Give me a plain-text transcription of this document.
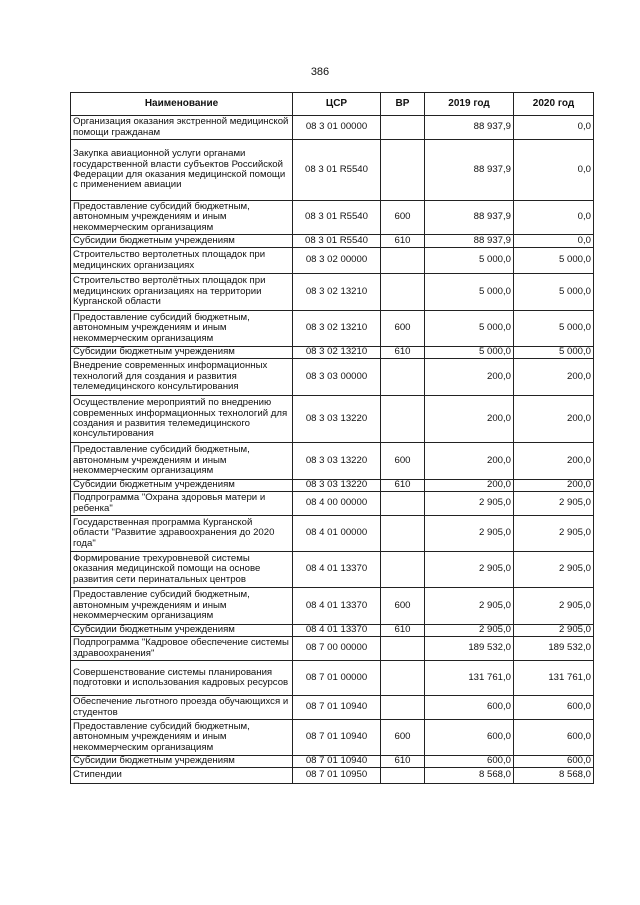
386
Наименование	ЦСР	ВР	2019 год	2020 год
Организация оказания экстренной медицинской помощи гражданам	08 3 01 00000		88 937,9	0,0
Закупка авиационной услуги органами государственной власти субъектов Российской Федерации для оказания медицинской помощи с применением авиации	08 3 01 R5540		88 937,9	0,0
Предоставление субсидий бюджетным, автономным учреждениям и иным некоммерческим организациям	08 3 01 R5540	600	88 937,9	0,0
Субсидии бюджетным учреждениям	08 3 01 R5540	610	88 937,9	0,0
Строительство вертолетных площадок при медицинских организациях	08 3 02 00000		5 000,0	5 000,0
Строительство вертолётных площадок при медицинских организациях на территории Курганской области	08 3 02 13210		5 000,0	5 000,0
Предоставление субсидий бюджетным, автономным учреждениям и иным некоммерческим организациям	08 3 02 13210	600	5 000,0	5 000,0
Субсидии бюджетным учреждениям	08 3 02 13210	610	5 000,0	5 000,0
Внедрение современных информационных технологий для создания и развития телемедицинского консультирования	08 3 03 00000		200,0	200,0
Осуществление мероприятий по внедрению современных информационных технологий для создания и развития телемедицинского консультирования	08 3 03 13220		200,0	200,0
Предоставление субсидий бюджетным, автономным учреждениям и иным некоммерческим организациям	08 3 03 13220	600	200,0	200,0
Субсидии бюджетным учреждениям	08 3 03 13220	610	200,0	200,0
Подпрограмма "Охрана здоровья матери и ребенка"	08 4 00 00000		2 905,0	2 905,0
Государственная программа Курганской области "Развитие здравоохранения до 2020 года"	08 4 01 00000		2 905,0	2 905,0
Формирование трехуровневой системы оказания медицинской помощи на основе развития сети перинатальных центров	08 4 01 13370		2 905,0	2 905,0
Предоставление субсидий бюджетным, автономным учреждениям и иным некоммерческим организациям	08 4 01 13370	600	2 905,0	2 905,0
Субсидии бюджетным учреждениям	08 4 01 13370	610	2 905,0	2 905,0
Подпрограмма "Кадровое обеспечение системы здравоохранения"	08 7 00 00000		189 532,0	189 532,0
Совершенствование системы планирования подготовки и использования кадровых ресурсов	08 7 01 00000		131 761,0	131 761,0
Обеспечение льготного проезда обучающихся и студентов	08 7 01 10940		600,0	600,0
Предоставление субсидий бюджетным, автономным учреждениям и иным некоммерческим организациям	08 7 01 10940	600	600,0	600,0
Субсидии бюджетным учреждениям	08 7 01 10940	610	600,0	600,0
Стипендии	08 7 01 10950		8 568,0	8 568,0
